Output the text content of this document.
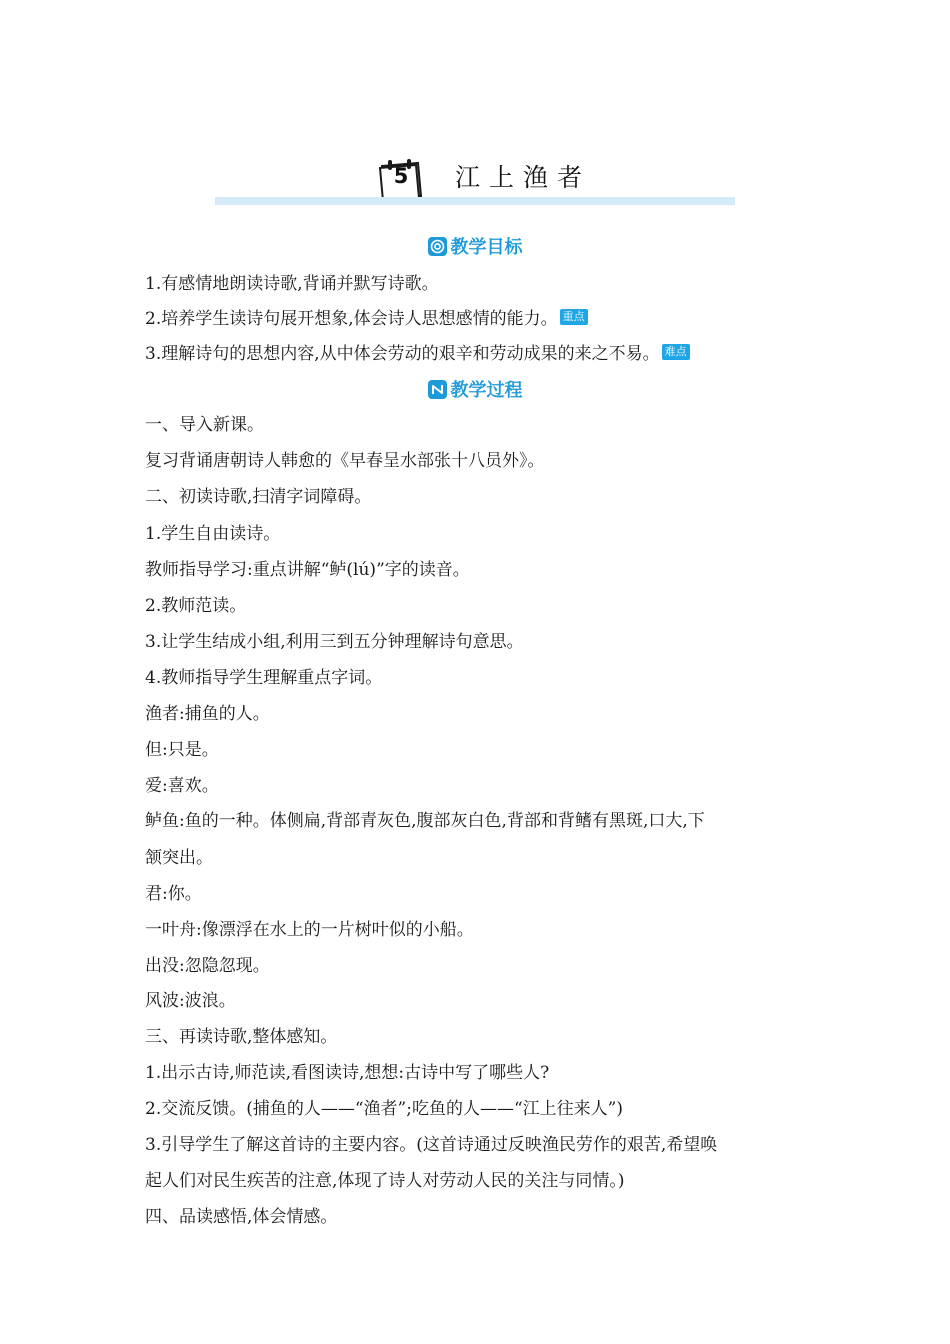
5	江上渔者
教学目标
1.有感情地朗读诗歌,背诵并默写诗歌。
2.培养学生读诗句展开想象,体会诗人思想感情的能力。 重点
3.理解诗句的思想内容,从中体会劳动的艰辛和劳动成果的来之不易。 难点
教学过程
一、导入新课。
复习背诵唐朝诗人韩愈的《早春呈水部张十八员外》。
二、初读诗歌,扫清字词障碍。
1.学生自由读诗。
教师指导学习:重点讲解“鲈(lú)”字的读音。
2.教师范读。
3.让学生结成小组,利用三到五分钟理解诗句意思。
4.教师指导学生理解重点字词。
渔者:捕鱼的人。
但:只是。
爱:喜欢。
鲈鱼:鱼的一种。体侧扁,背部青灰色,腹部灰白色,背部和背鳍有黑斑,口大,下
颔突出。
君:你。
一叶舟:像漂浮在水上的一片树叶似的小船。
出没:忽隐忽现。
风波:波浪。
三、再读诗歌,整体感知。
1.出示古诗,师范读,看图读诗,想想:古诗中写了哪些人?
2.交流反馈。(捕鱼的人——“渔者”;吃鱼的人——“江上往来人”)
3.引导学生了解这首诗的主要内容。(这首诗通过反映渔民劳作的艰苦,希望唤
起人们对民生疾苦的注意,体现了诗人对劳动人民的关注与同情。)
四、品读感悟,体会情感。
